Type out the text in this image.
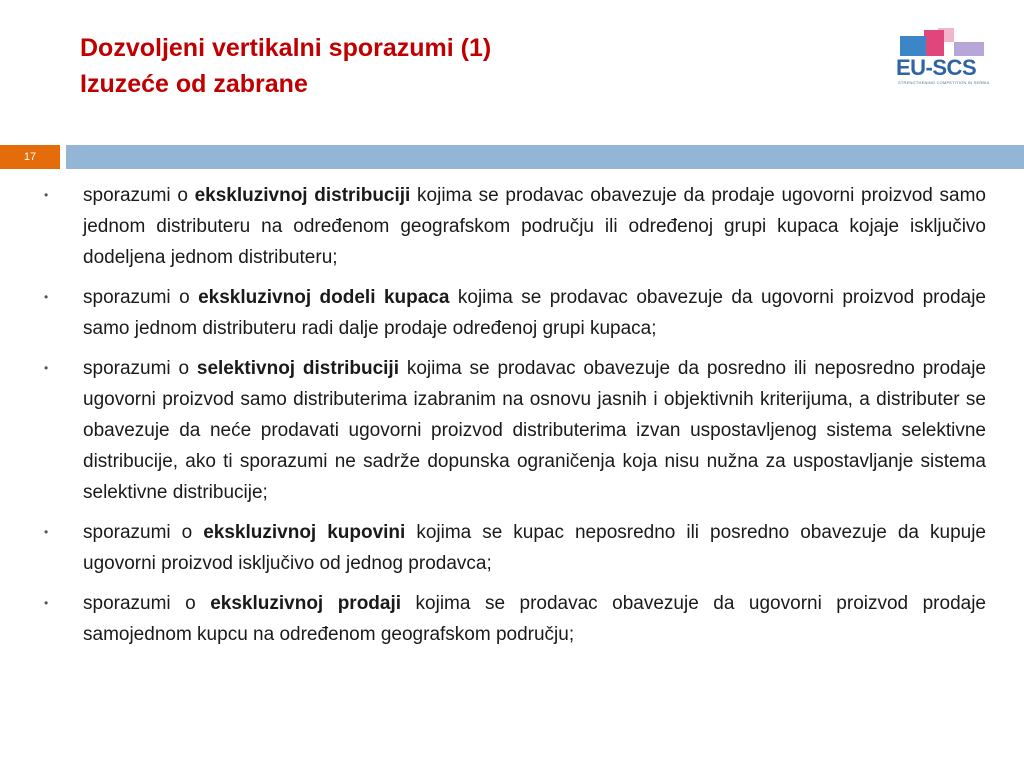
Dozvoljeni vertikalni sporazumi (1)
Izuzeće od zabrane
EU-SCS
STRENGTHENING COMPETITION IN SERBIA
17
• sporazumi o ekskluzivnoj distribuciji kojima se prodavac obavezuje da prodaje ugovorni proizvod samo jednom distributeru na određenom geografskom području ili određenoj grupi kupaca kojaje isključivo dodeljena jednom distributeru;
• sporazumi o ekskluzivnoj dodeli kupaca kojima se prodavac obavezuje da ugovorni proizvod prodaje samo jednom distributeru radi dalje prodaje određenoj grupi kupaca;
• sporazumi o selektivnoj distribuciji kojima se prodavac obavezuje da posredno ili neposredno prodaje ugovorni proizvod samo distributerima izabranim na osnovu jasnih i objektivnih kriterijuma, a distributer se obavezuje da neće prodavati ugovorni proizvod distributerima izvan uspostavljenog sistema selektivne distribucije, ako ti sporazumi ne sadrže dopunska ograničenja koja nisu nužna za uspostavljanje sistema selektivne distribucije;
• sporazumi o ekskluzivnoj kupovini kojima se kupac neposredno ili posredno obavezuje da kupuje ugovorni proizvod isključivo od jednog prodavca;
• sporazumi o ekskluzivnoj prodaji kojima se prodavac obavezuje da ugovorni proizvod prodaje samojednom kupcu na određenom geografskom području;
